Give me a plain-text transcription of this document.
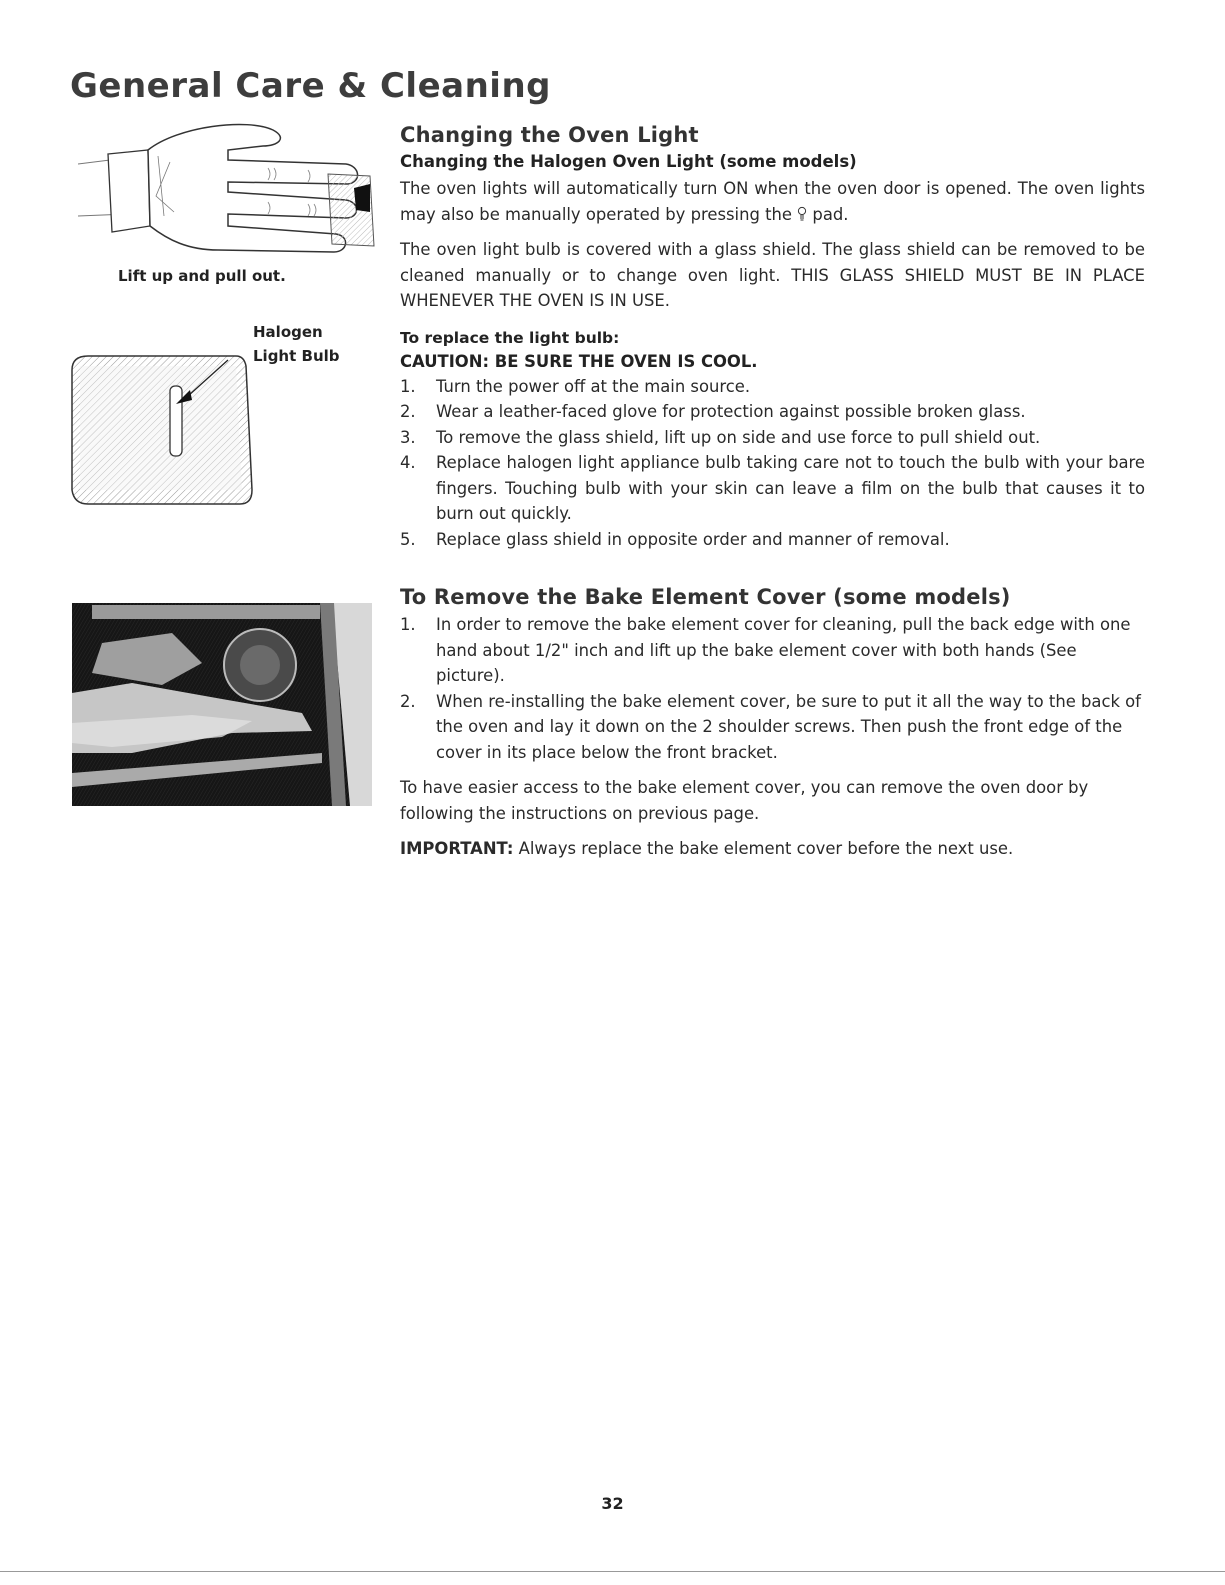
General Care & Cleaning
Lift up and pull out.
Halogen
Light Bulb
Changing the Oven Light
Changing the Halogen Oven Light (some models)

The oven lights will automatically turn ON when the oven door is opened. The oven lights may also be manually operated by pressing the pad.

The oven light bulb is covered with a glass shield. The glass shield can be removed to be cleaned manually or to change oven light. THIS GLASS SHIELD MUST BE IN PLACE WHENEVER THE OVEN IS IN USE.

To replace the light bulb:
CAUTION: BE SURE THE OVEN IS COOL.
1.	Turn the power off at the main source.
2.	Wear a leather-faced glove for protection against possible broken glass.
3.	To remove the glass shield, lift up on side and use force to pull shield out.
4.	Replace halogen light appliance bulb taking care not to touch the bulb with your bare fingers. Touching bulb with your skin can leave a film on the bulb that causes it to burn out quickly.
5.	Replace glass shield in opposite order and manner of removal.
To Remove the Bake Element Cover (some models)
1.	In order to remove the bake element cover for cleaning, pull the back edge with one hand about 1/2" inch and lift up the bake element cover with both hands (See picture).
2.	When re-installing the bake element cover, be sure to put it all the way to the back of the oven and lay it down on the 2 shoulder screws. Then push the front edge of the cover in its place below the front bracket.

To have easier access to the bake element cover, you can remove the oven door by following the instructions on previous page.

IMPORTANT: Always replace the bake element cover before the next use.

32
